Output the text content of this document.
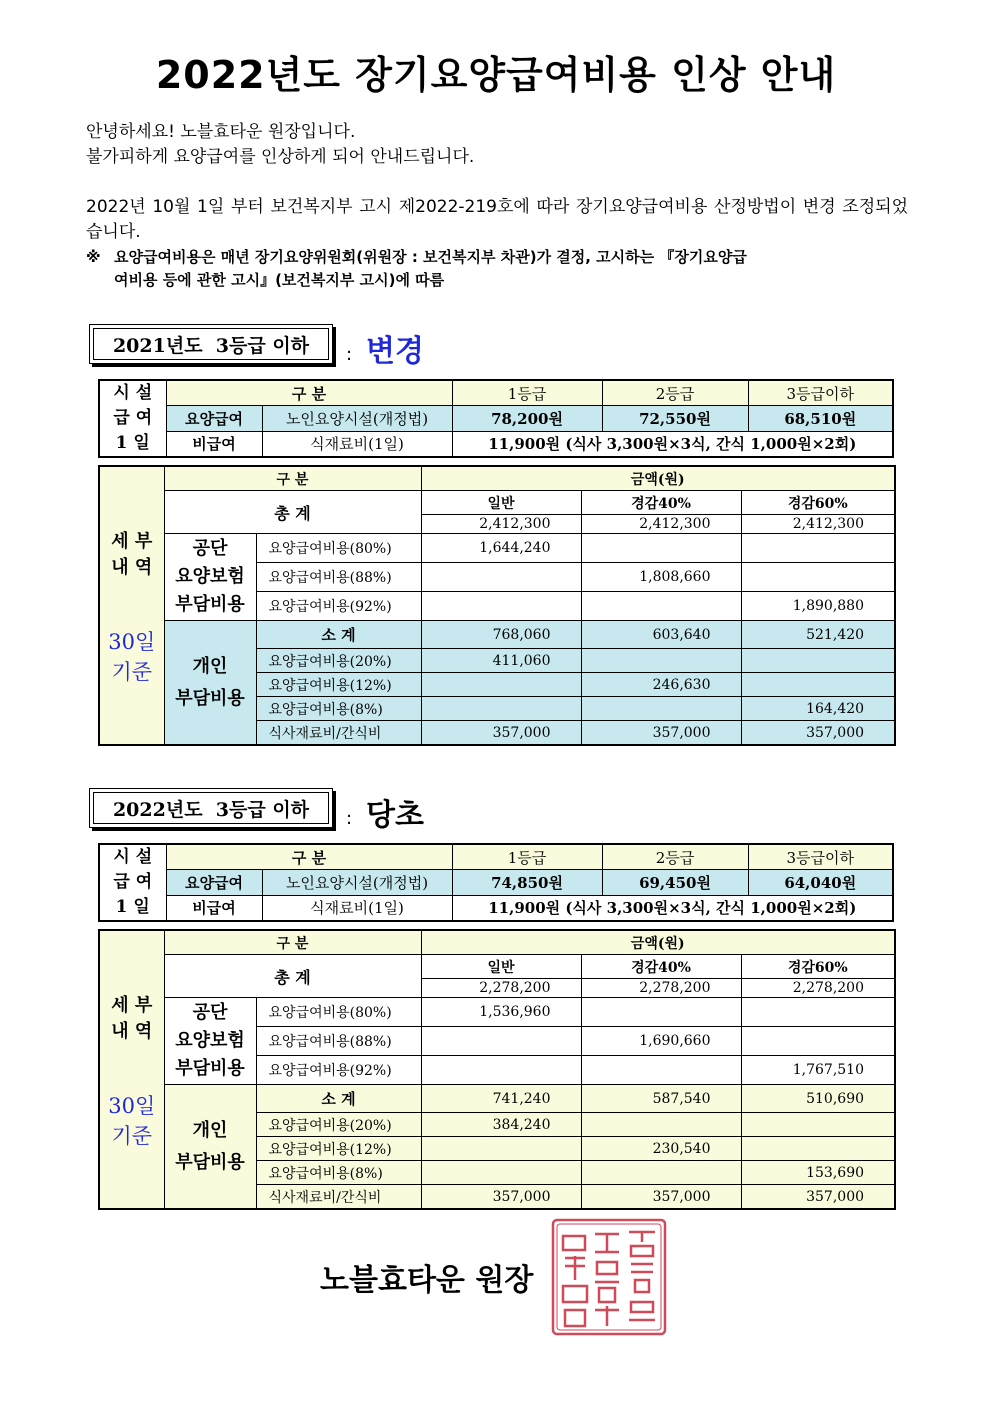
2022년도 장기요양급여비용 인상 안내
안녕하세요! 노블효타운 원장입니다.
불가피하게 요양급여를 인상하게 되어 안내드립니다.
2022년 10월 1일 부터 보건복지부 고시 제2022-219호에 따라 장기요양급여비용 산정방법이 변경 조정되었습니다.
※ 요양급여비용은 매년 장기요양위원회(위원장 : 보건복지부 차관)가 결정, 고시하는 『장기요양급
여비용 등에 관한 고시』(보건복지부 고시)에 따름
2021년도  3등급 이하 : 변경
시 설
급 여
1 일	구 분		1등급	2등급	3등급이하
	요양급여	노인요양시설(개정법)	78,200원	72,550원	68,510원
	비급여	식재료비(1일)	11,900원 (식사 3,300원×3식, 간식 1,000원×2회)		
세 부
내 역
30일
기준	구 분		금액(원)		
	총 계		일반	경감40%	경감60%
			2,412,300	2,412,300	2,412,300

	공단
요양보험
부담비용	요양급여비용(80%)	1,644,240		
		요양급여비용(88%)		1,808,660	
		요양급여비용(92%)			1,890,880

	개인
부담비용	소 계	768,060	603,640	521,420
		요양급여비용(20%)	411,060		
		요양급여비용(12%)		246,630	
		요양급여비용(8%)			164,420
		식사재료비/간식비	357,000	357,000	357,000
2022년도  3등급 이하 : 당초
시 설
급 여
1 일	구 분		1등급	2등급	3등급이하
	요양급여	노인요양시설(개정법)	74,850원	69,450원	64,040원
	비급여	식재료비(1일)	11,900원 (식사 3,300원×3식, 간식 1,000원×2회)		
세 부
내 역
30일
기준	구 분		금액(원)		
	총 계		일반	경감40%	경감60%
			2,278,200	2,278,200	2,278,200

	공단
요양보험
부담비용	요양급여비용(80%)	1,536,960		
		요양급여비용(88%)		1,690,660	
		요양급여비용(92%)			1,767,510

	개인
부담비용	소 계	741,240	587,540	510,690
		요양급여비용(20%)	384,240		
		요양급여비용(12%)		230,540	
		요양급여비용(8%)			153,690
		식사재료비/간식비	357,000	357,000	357,000
노블효타운 원장
